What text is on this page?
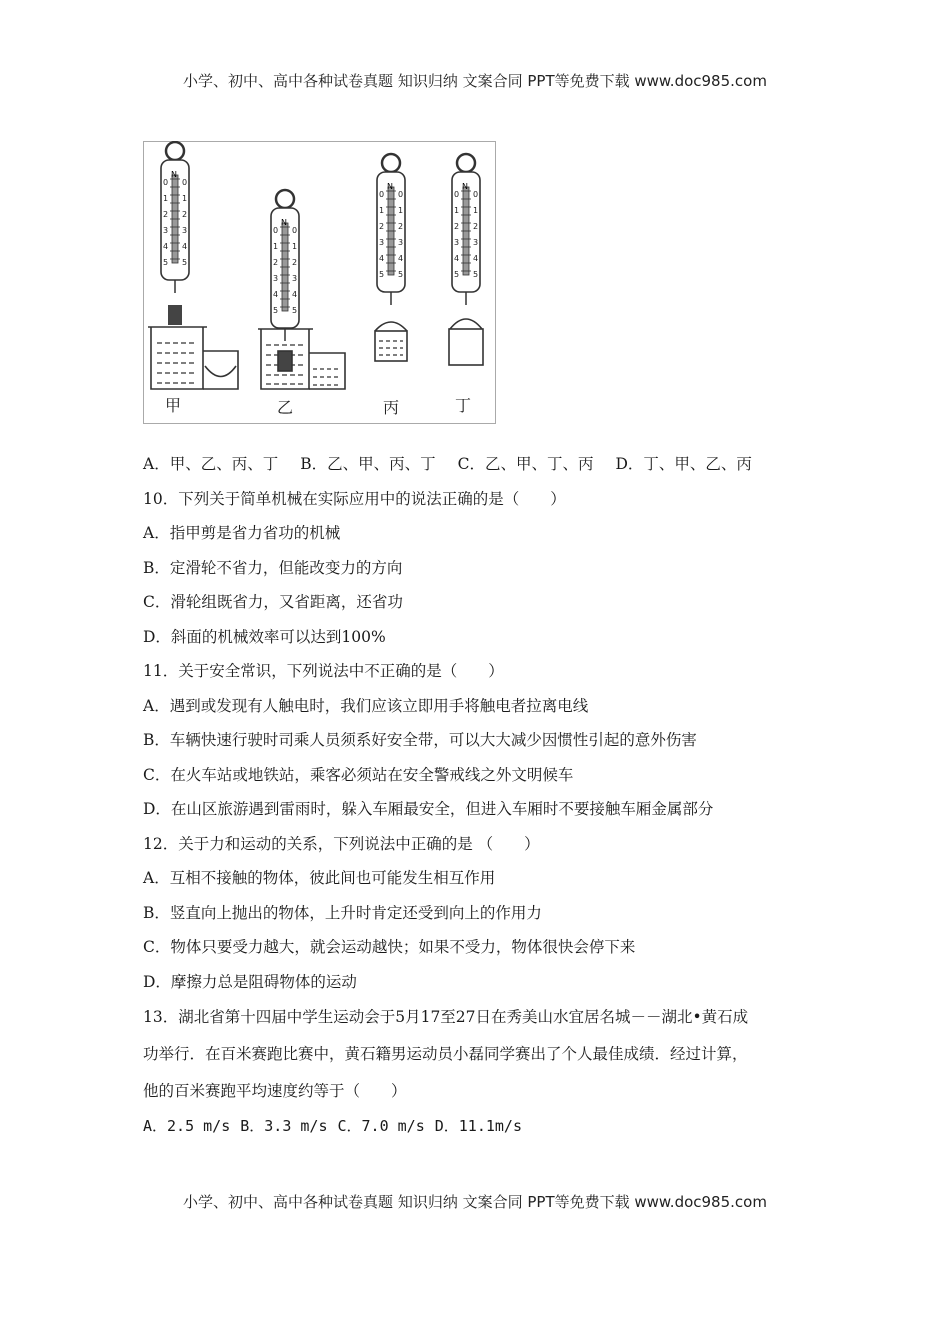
小学、初中、高中各种试卷真题 知识归纳 文案合同 PPT等免费下载 www.doc985.com
N
0
1
2
3
4
5
0
1
2
3
4
5
N
0
1
2
3
4
5
0
1
2
3
4
5
N
0
1
2
3
4
5
0
1
2
3
4
5
N
0
1
2
3
4
5
0
1
2
3
4
5
甲	乙	丙	丁
A．甲、乙、丙、丁 B．乙、甲、丙、丁 C．乙、甲、丁、丙 D．丁、甲、乙、丙
10．下列关于简单机械在实际应用中的说法正确的是（　　）
A．指甲剪是省力省功的机械
B．定滑轮不省力，但能改变力的方向
C．滑轮组既省力，又省距离，还省功
D．斜面的机械效率可以达到100%
11．关于安全常识，下列说法中不正确的是（　　）
A．遇到或发现有人触电时，我们应该立即用手将触电者拉离电线
B．车辆快速行驶时司乘人员须系好安全带，可以大大减少因惯性引起的意外伤害
C．在火车站或地铁站，乘客必须站在安全警戒线之外文明候车
D．在山区旅游遇到雷雨时，躲入车厢最安全，但进入车厢时不要接触车厢金属部分
12．关于力和运动的关系，下列说法中正确的是 （　　）
A．互相不接触的物体，彼此间也可能发生相互作用
B．竖直向上抛出的物体，上升时肯定还受到向上的作用力
C．物体只要受力越大，就会运动越快；如果不受力，物体很快会停下来
D．摩擦力总是阻碍物体的运动
13．湖北省第十四届中学生运动会于5月17至27日在秀美山水宜居名城－－湖北•黄石成
功举行．在百米赛跑比赛中，黄石籍男运动员小磊同学赛出了个人最佳成绩．经过计算，
他的百米赛跑平均速度约等于（　　）
A．2.5 m/s B．3.3 m/s C．7.0 m/s D．11.1m/s
小学、初中、高中各种试卷真题 知识归纳 文案合同 PPT等免费下载 www.doc985.com
